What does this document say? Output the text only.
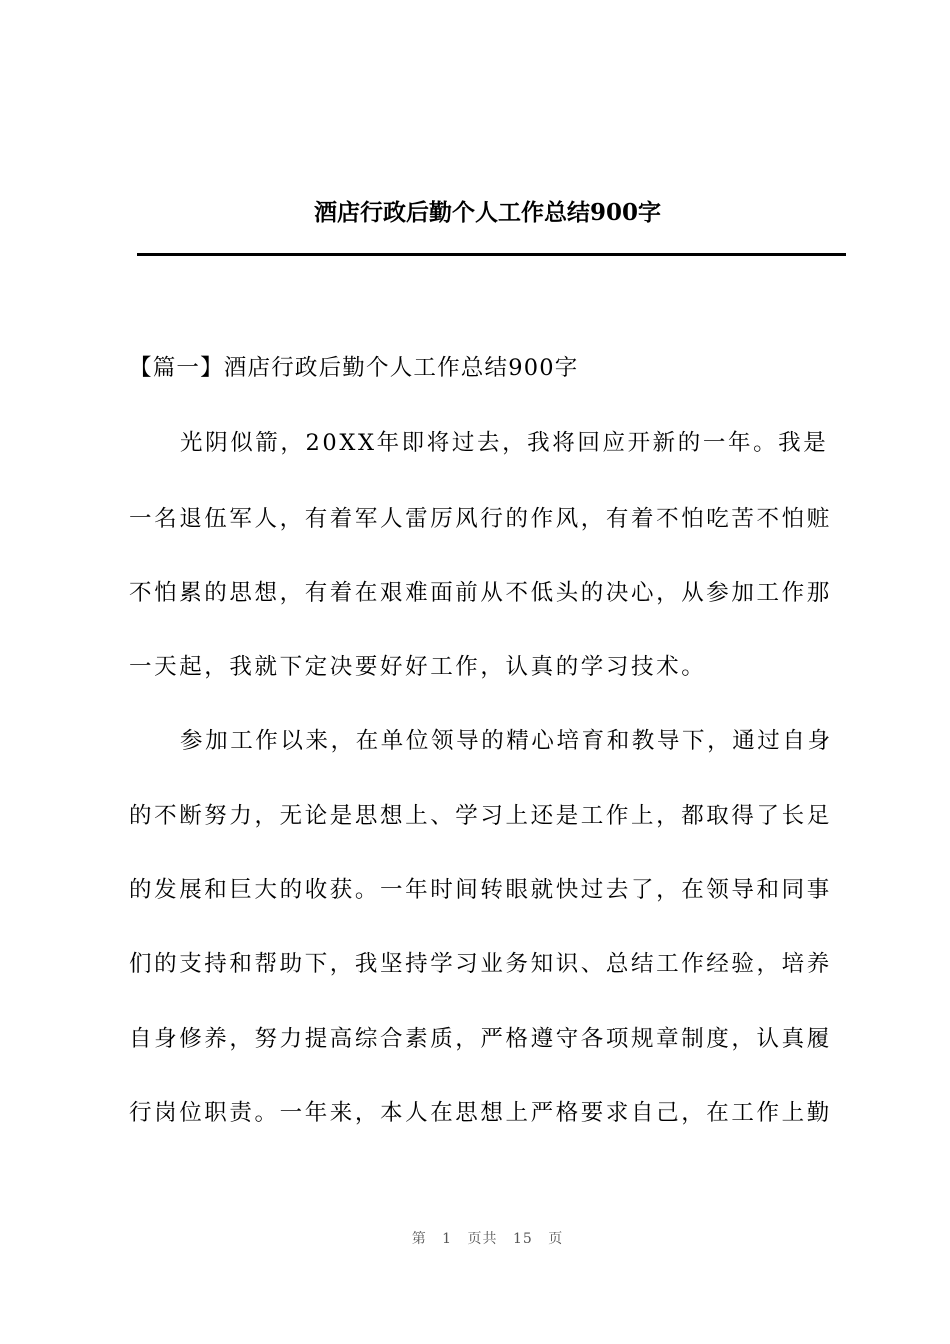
酒店行政后勤个人工作总结900字

【篇一】酒店行政后勤个人工作总结900字

光阴似箭，20XX年即将过去，我将回应开新的一年。我是

一名退伍军人，有着军人雷厉风行的作风，有着不怕吃苦不怕赃

不怕累的思想，有着在艰难面前从不低头的决心，从参加工作那

一天起，我就下定决要好好工作，认真的学习技术。

参加工作以来，在单位领导的精心培育和教导下，通过自身

的不断努力，无论是思想上、学习上还是工作上，都取得了长足

的发展和巨大的收获。一年时间转眼就快过去了，在领导和同事

们的支持和帮助下，我坚持学习业务知识、总结工作经验，培养

自身修养，努力提高综合素质，严格遵守各项规章制度，认真履

行岗位职责。一年来，本人在思想上严格要求自己，在工作上勤

第 1 页共 15 页
